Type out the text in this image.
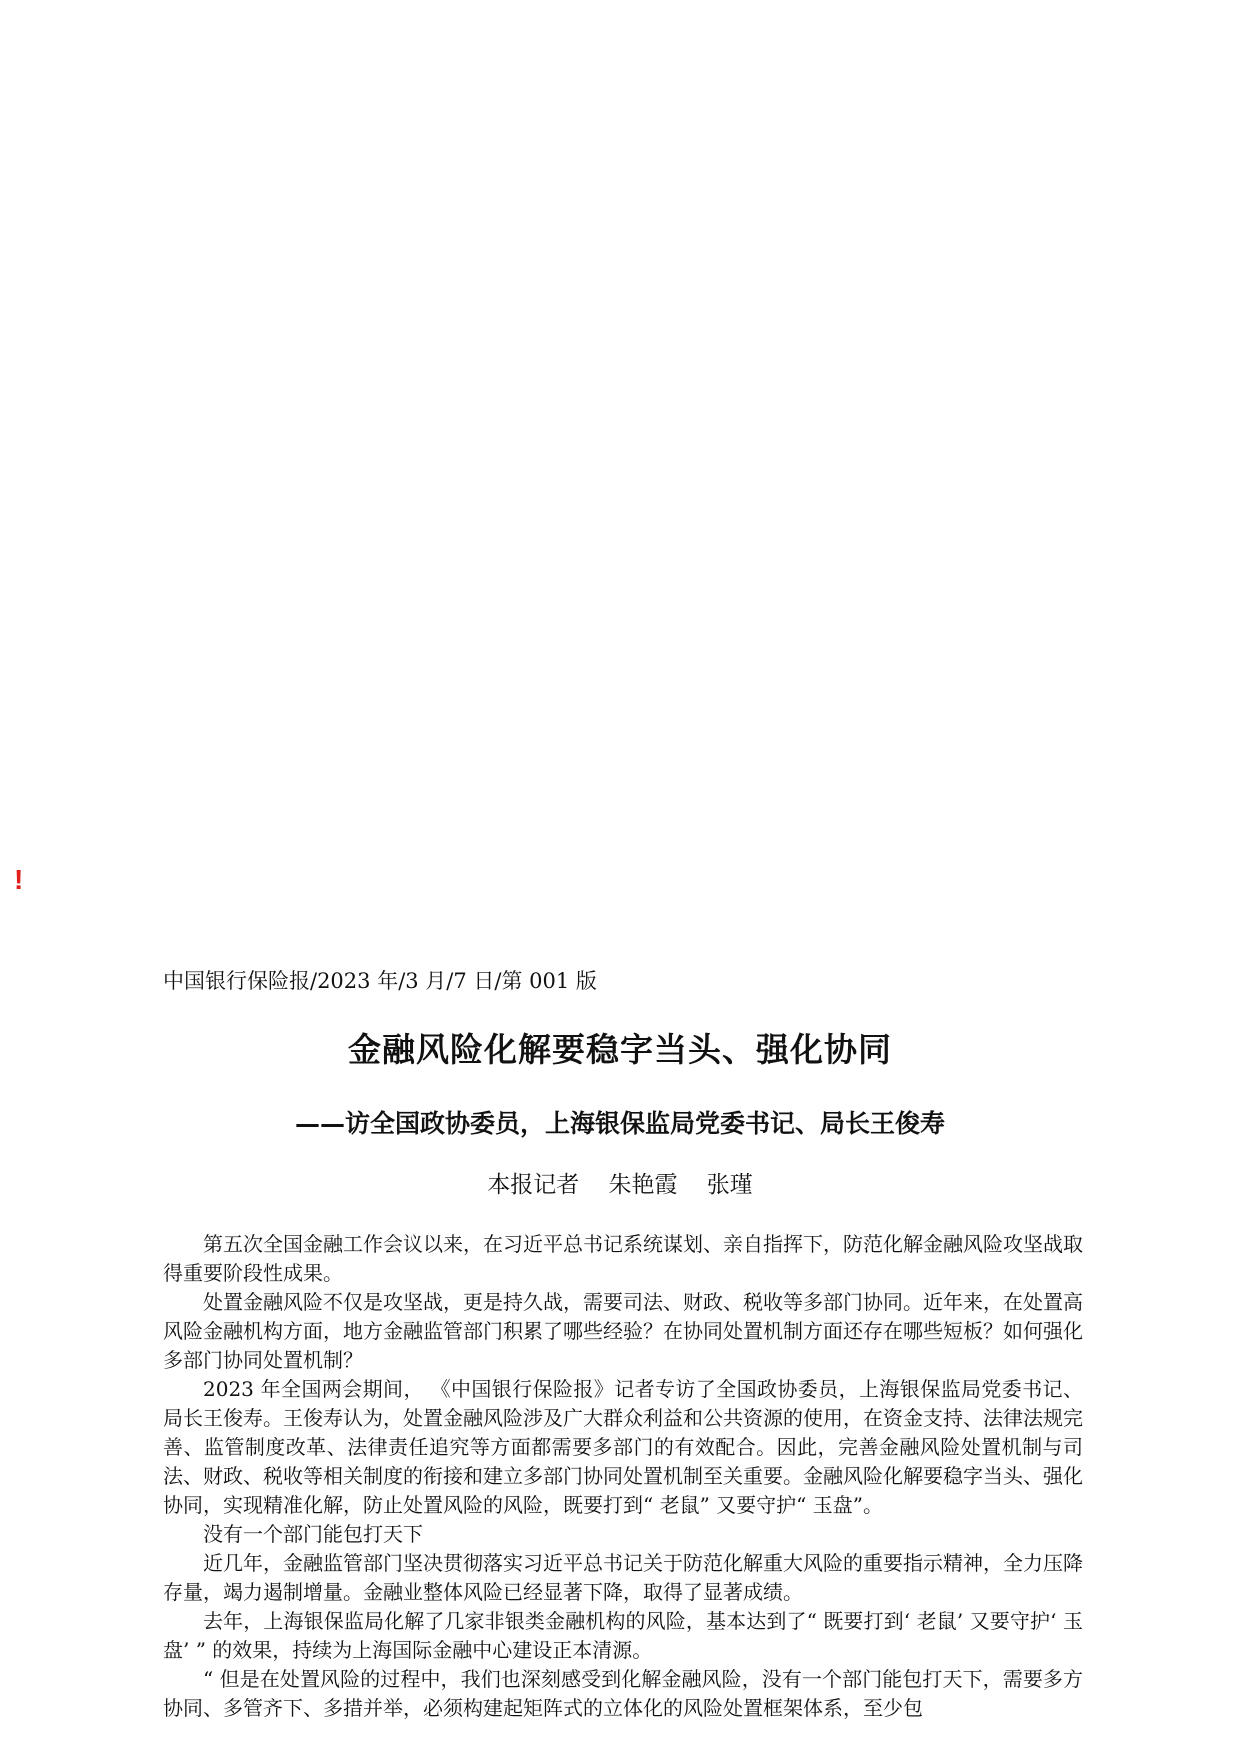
!
中国银行保险报/2023 年/3 月/7 日/第 001 版
金融风险化解要稳字当头、强化协同
——访全国政协委员，上海银保监局党委书记、局长王俊寿
本报记者    朱艳霞    张瑾

第五次全国金融工作会议以来，在习近平总书记系统谋划、亲自指挥下，防范化解金融风险攻坚战取得重要阶段性成果。

处置金融风险不仅是攻坚战，更是持久战，需要司法、财政、税收等多部门协同。近年来，在处置高风险金融机构方面，地方金融监管部门积累了哪些经验？在协同处置机制方面还存在哪些短板？如何强化多部门协同处置机制？

2023 年全国两会期间， 《中国银行保险报》记者专访了全国政协委员，上海银保监局党委书记、局长王俊寿。王俊寿认为，处置金融风险涉及广大群众利益和公共资源的使用，在资金支持、法律法规完善、监管制度改革、法律责任追究等方面都需要多部门的有效配合。因此，完善金融风险处置机制与司法、财政、税收等相关制度的衔接和建立多部门协同处置机制至关重要。金融风险化解要稳字当头、强化协同，实现精准化解，防止处置风险的风险，既要打到“ 老鼠” 又要守护“ 玉盘”。

没有一个部门能包打天下

近几年，金融监管部门坚决贯彻落实习近平总书记关于防范化解重大风险的重要指示精神，全力压降存量，竭力遏制增量。金融业整体风险已经显著下降，取得了显著成绩。

去年，上海银保监局化解了几家非银类金融机构的风险，基本达到了“ 既要打到‘ 老鼠’ 又要守护‘ 玉盘’ ” 的效果，持续为上海国际金融中心建设正本清源。

“ 但是在处置风险的过程中，我们也深刻感受到化解金融风险，没有一个部门能包打天下，需要多方协同、多管齐下、多措并举，必须构建起矩阵式的立体化的风险处置框架体系，至少包
